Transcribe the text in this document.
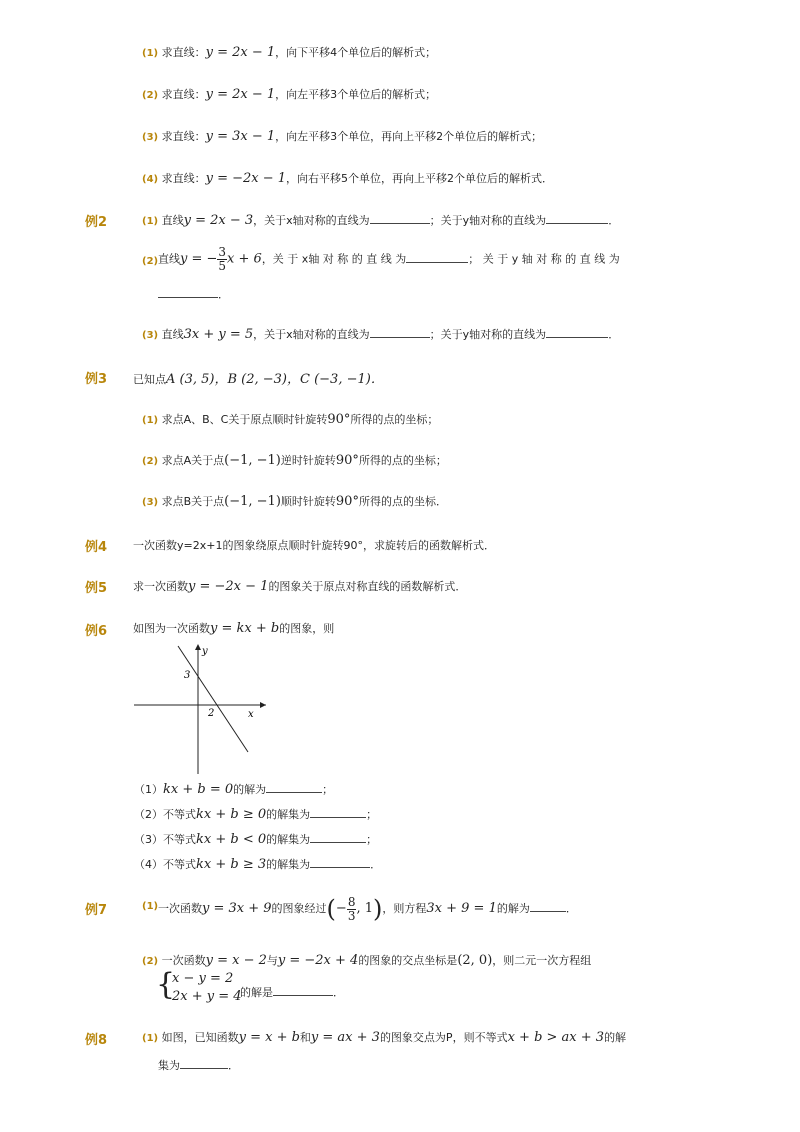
(1) 求直线：y = 2x − 1，向下平移4个单位后的解析式；
(2) 求直线：y = 2x − 1，向左平移3个单位后的解析式；
(3) 求直线：y = 3x − 1，向左平移3个单位，再向上平移2个单位后的解析式；
(4) 求直线：y = −2x − 1，向右平移5个单位，再向上平移2个单位后的解析式．
例2	(1) 直线y = 2x − 3，关于x轴对称的直线为	；关于y轴对称的直线为	．
(2) 直线y = − $\frac{3}{5}$ x + 6，关 于 x轴 对 称 的 直 线 为	； 关 于 y 轴 对 称 的 直 线 为
．
(3) 直线3x + y = 5，关于x轴对称的直线为	；关于y轴对称的直线为	．
例3 已知点A (3, 5)，B (2, −3)，C (−3, −1)．
(1) 求点A、B、C关于原点顺时针旋转90°所得的点的坐标；
(2) 求点A关于点(−1, −1)逆时针旋转90°所得的点的坐标；
(3) 求点B关于点(−1, −1)顺时针旋转90°所得的点的坐标．
例4 一次函数y=2x+1的图象绕原点顺时针旋转90°，求旋转后的函数解析式．
例5 求一次函数y = −2x − 1的图象关于原点对称直线的函数解析式．
例6 如图为一次函数y = kx + b的图象，则
y
x
3
2
（1）kx + b = 0的解为	；
（2）不等式kx + b ≥ 0的解集为	；
（3）不等式kx + b < 0的解集为	；
（4）不等式kx + b ≥ 3的解集为	．
例7	(1) 一次函数y = 3x + 9的图象经过(− $\frac{8}{3}$ , 1)，则方程3x + 9 = 1的解为	．
(2) 一次函数y = x − 2与y = −2x + 4的图象的交点坐标是(2, 0)，则二元一次方程组
{
x − y = 2
2x + y = 4
的解是	．
例8	(1) 如图，已知函数y = x + b和y = ax + 3的图象交点为P，则不等式x + b > ax + 3的解
集为	．
